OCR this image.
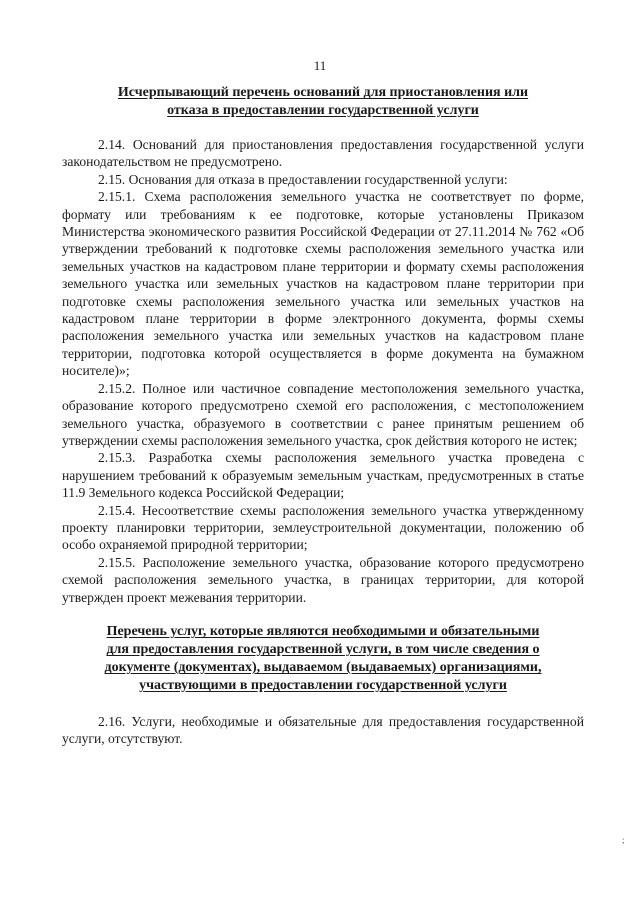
11
Исчерпывающий перечень оснований для приостановления или
отказа в предоставлении государственной услуги

2.14. Оснований для приостановления предоставления государственной услуги законодательством не предусмотрено.

2.15. Основания для отказа в предоставлении государственной услуги:

2.15.1. Схема расположения земельного участка не соответствует по форме, формату или требованиям к ее подготовке, которые установлены Приказом Министерства экономического развития Российской Федерации от 27.11.2014 № 762 «Об утверждении требований к подготовке схемы расположения земельного участка или земельных участков на кадастровом плане территории и формату схемы расположения земельного участка или земельных участков на кадастровом плане территории при подготовке схемы расположения земельного участка или земельных участков на кадастровом плане территории в форме электронного документа, формы схемы расположения земельного участка или земельных участков на кадастровом плане территории, подготовка которой осуществляется в форме документа на бумажном носителе)»;

2.15.2. Полное или частичное совпадение местоположения земельного участка, образование которого предусмотрено схемой его расположения, с местоположением земельного участка, образуемого в соответствии с ранее принятым решением об утверждении схемы расположения земельного участка, срок действия которого не истек;

2.15.3. Разработка схемы расположения земельного участка проведена с нарушением требований к образуемым земельным участкам, предусмотренных в статье 11.9 Земельного кодекса Российской Федерации;

2.15.4. Несоответствие схемы расположения земельного участка утвержденному проекту планировки территории, землеустроительной документации, положению об особо охраняемой природной территории;

2.15.5. Расположение земельного участка, образование которого предусмотрено схемой расположения земельного участка, в границах территории, для которой утвержден проект межевания территории.

Перечень услуг, которые являются необходимыми и обязательными
для предоставления государственной услуги, в том числе сведения о
документе (документах), выдаваемом (выдаваемых) организациями,
участвующими в предоставлении государственной услуги

2.16. Услуги, необходимые и обязательные для предоставления государственной услуги, отсутствуют.

;
